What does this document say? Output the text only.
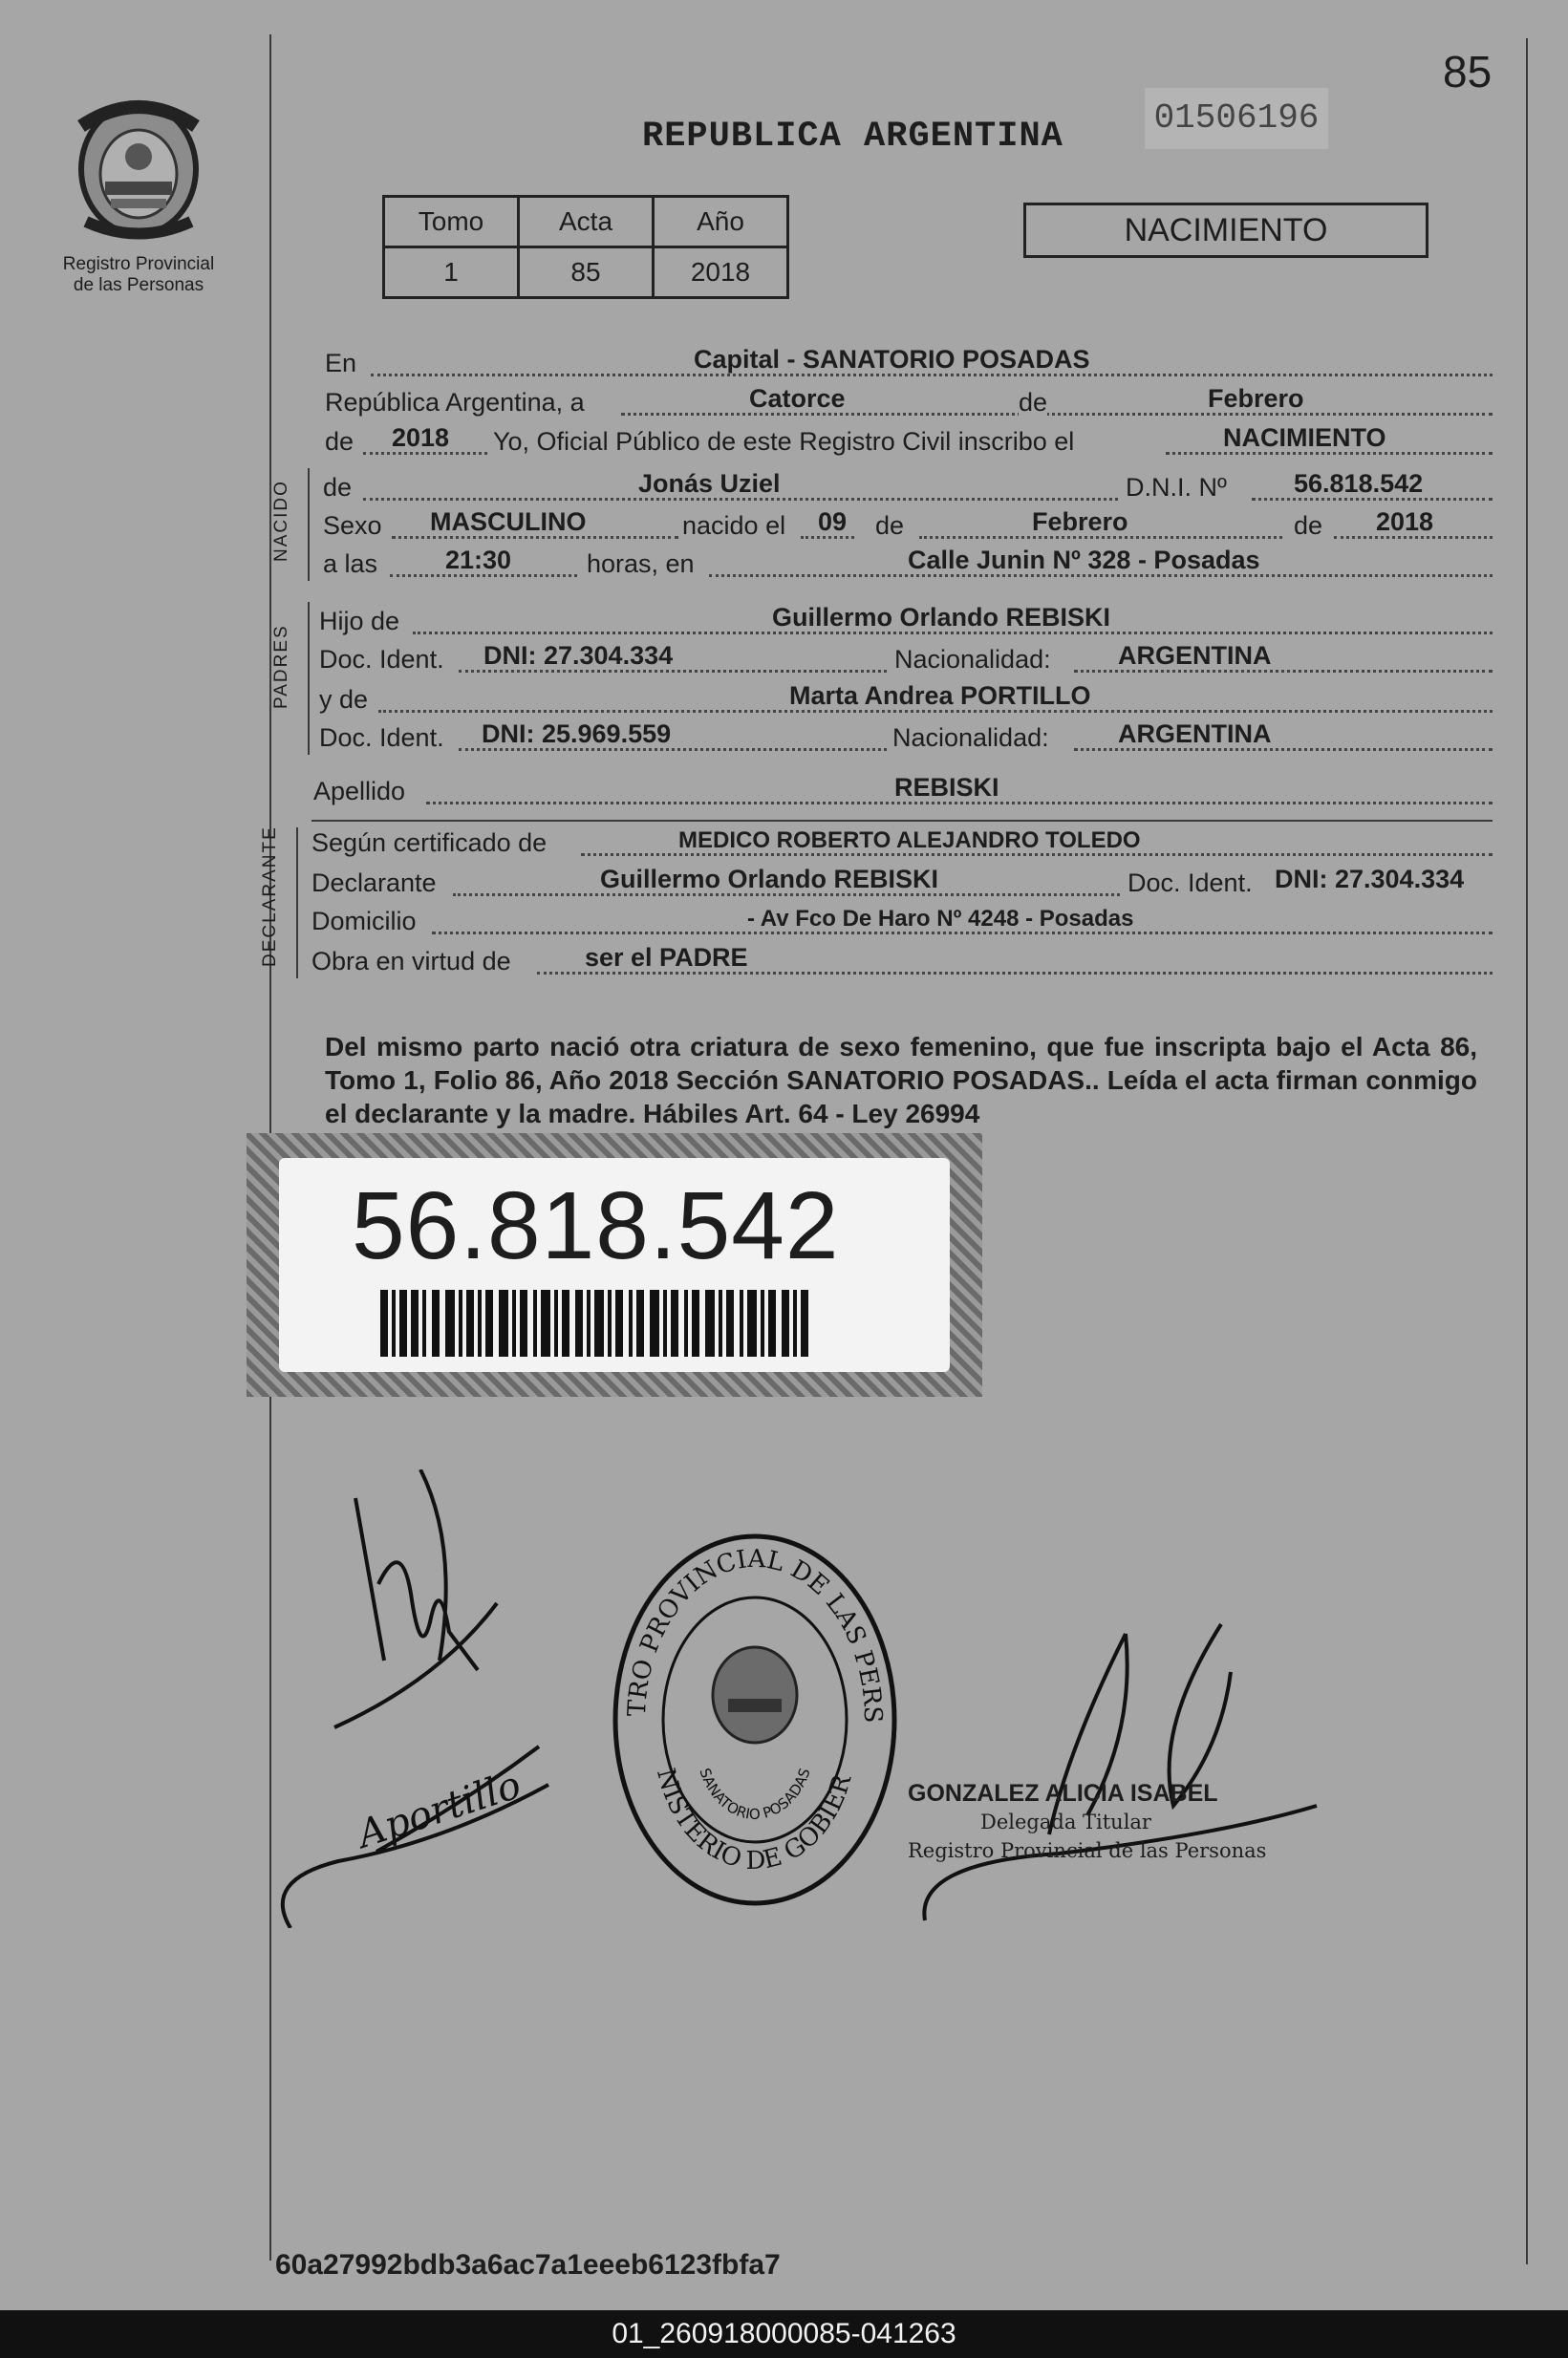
85
REPUBLICA ARGENTINA	01506196
Registro Provincial
de las Personas
Tomo	Acta	Año
1	85	2018
NACIMIENTO
En	Capital - SANATORIO POSADAS
República Argentina, a	Catorce	de	Febrero
de 2018 Yo, Oficial Público de este Registro Civil inscribo el	NACIMIENTO
NACIDO de	Jonás Uziel	D.N.I. Nº	56.818.542
Sexo MASCULINO	nacido el 09 de	Febrero	de 2018
a las	21:30	horas, en	Calle Junin Nº 328 - Posadas
PADRES
Hijo de	Guillermo Orlando REBISKI
Doc. Ident. DNI: 27.304.334	Nacionalidad:	ARGENTINA
y de	Marta Andrea PORTILLO
Doc. Ident. DNI: 25.969.559	Nacionalidad:	ARGENTINA
Apellido	REBISKI
DECLARANTE Según certificado de	MEDICO ROBERTO ALEJANDRO TOLEDO
Declarante	Guillermo Orlando REBISKI	Doc. Ident. DNI: 27.304.334
Domicilio	- Av Fco De Haro Nº 4248 - Posadas
Obra en virtud de	ser el PADRE
Del mismo parto nació otra criatura de sexo femenino, que fue inscripta bajo el Acta 86, Tomo 1, Folio 86, Año 2018 Sección SANATORIO POSADAS.. Leída el acta firman conmigo el declarante y la madre. Hábiles Art. 64 - Ley 26994
56.818.542
Aportillo
TRO PROVINCIAL DE LAS PERS
NISTERIO DE GOBIER
SANATORIO POSADAS
GONZALEZ ALICIA ISABEL
Delegada Titular
Registro Provincial de las Personas
60a27992bdb3a6ac7a1eeeb6123fbfa7
01_260918000085-041263
